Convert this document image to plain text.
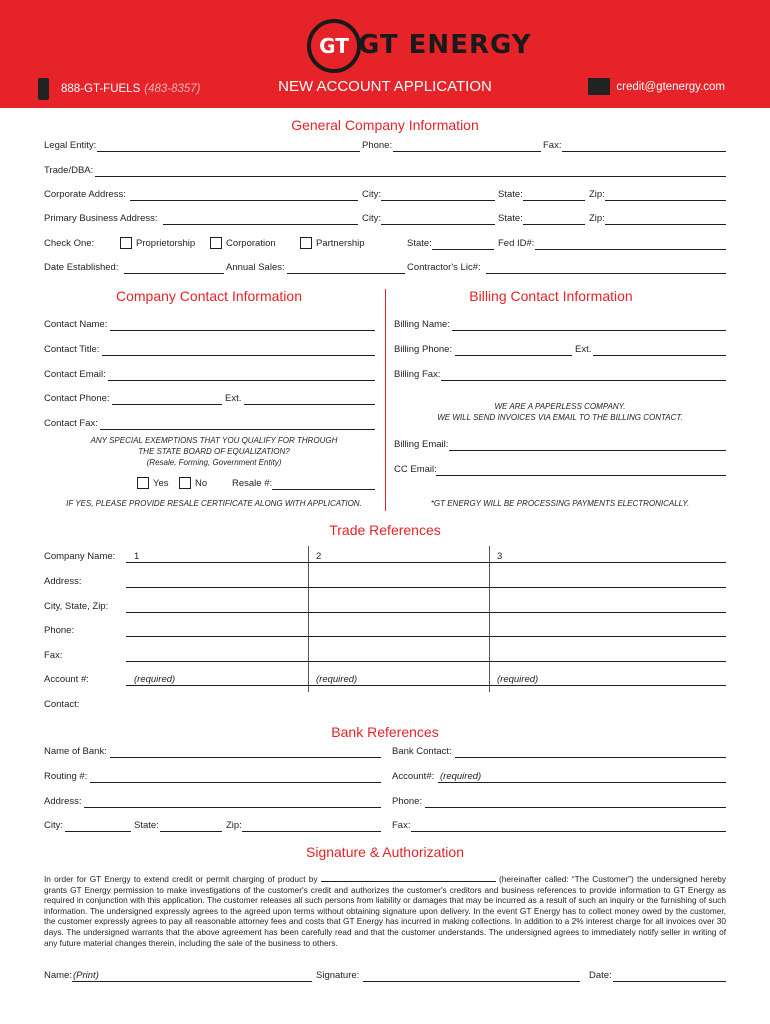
GT GT ENERGY
888-GT-FUELS (483-8357)	NEW ACCOUNT APPLICATION	credit@gtenergy.com
General Company Information
Legal Entity:	Phone:	Fax:
Trade/DBA:
Corporate Address:	City:	State:	Zip:
Primary Business Address:	City:	State:	Zip:
Check One:	Proprietorship	Corporation	Partnership	State:	Fed ID#:
Date Established:	Annual Sales:	Contractor's Lic#:
Company Contact Information	Billing Contact Information
Contact Name:
Contact Title:
Contact Email:
Contact Phone:	Ext.
Contact Fax:
ANY SPECIAL EXEMPTIONS THAT YOU QUALIFY FOR THROUGH
THE STATE BOARD OF EQUALIZATION?
(Resale, Forming, Government Entity)
Yes	No	Resale #:
IF YES, PLEASE PROVIDE RESALE CERTIFICATE ALONG WITH APPLICATION.
Billing Name:
Billing Phone:	Ext.
Billing Fax:
WE ARE A PAPERLESS COMPANY.
WE WILL SEND INVOICES VIA EMAIL TO THE BILLING CONTACT.
Billing Email:
CC Email:
*GT ENERGY WILL BE PROCESSING PAYMENTS ELECTRONICALLY.
Trade References
Company Name: 1	2	3
Address:
City, State, Zip:
Phone:
Fax:
Account #:	(required)	(required)	(required)
Contact:
Bank References
Name of Bank:	Bank Contact:
Routing #:	Account#: (required)
Address:	Phone:
City:	State:	Zip:	Fax:
Signature & Authorization
In order for GT Energy to extend credit or permit charging of product by	(hereinafter called: “The Customer”) the undersigned hereby grants GT Energy permission to make investigations of the customer's credit and authorizes the customer's creditors and business references to provide information to GT Energy as required in conjunction with this application. The customer releases all such persons from liability or damages that may be incurred as a result of such an inquiry or the furnishing of such information. The undersigned expressly agrees to the agreed upon terms without obtaining signature upon delivery. In the event GT Energy has to collect money owed by the customer, the customer expressly agrees to pay all reasonable attorney fees and costs that GT Energy has incurred in making collections. In addition to a 2% interest charge for all invoices over 30 days. The undersigned warrants that the above agreement has been carefully read and that the customer understands. The undersigned agrees to immediately notify seller in writing of any future material changes therein, including the sale of the business to others.
Name: (Print)	Signature:	Date:
